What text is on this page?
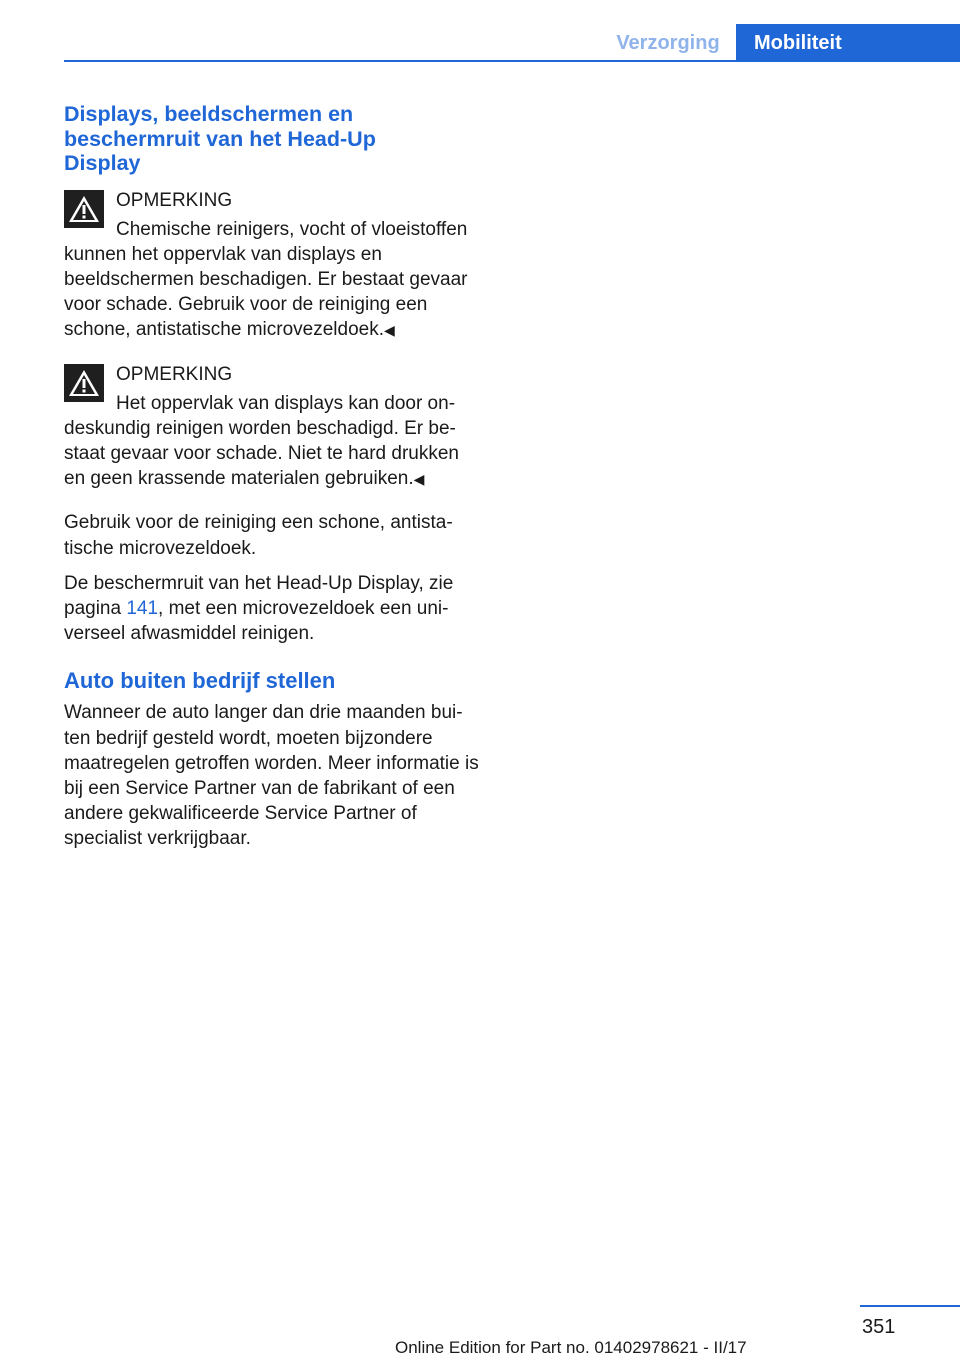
Verzorging	Mobiliteit
Displays, beeldschermen en
beschermruit van het Head-Up
Display
OPMERKING
Chemische reinigers, vocht of vloeistoffen kunnen het oppervlak van displays en beeldschermen beschadigen. Er bestaat gevaar voor schade. Gebruik voor de reiniging een schone, antistatische microvezeldoek.◀
OPMERKING
Het oppervlak van displays kan door ondeskundig reinigen worden beschadigd. Er bestaat gevaar voor schade. Niet te hard drukken en geen krassende materialen gebruiken.◀

Gebruik voor de reiniging een schone, antistatische microvezeldoek.

De beschermruit van het Head-Up Display, zie pagina 141, met een microvezeldoek een universeel afwasmiddel reinigen.

Auto buiten bedrijf stellen

Wanneer de auto langer dan drie maanden buiten bedrijf gesteld wordt, moeten bijzondere maatregelen getroffen worden. Meer informatie is bij een Service Partner van de fabrikant of een andere gekwalificeerde Service Partner of specialist verkrijgbaar.

351
Online Edition for Part no. 01402978621 - II/17
